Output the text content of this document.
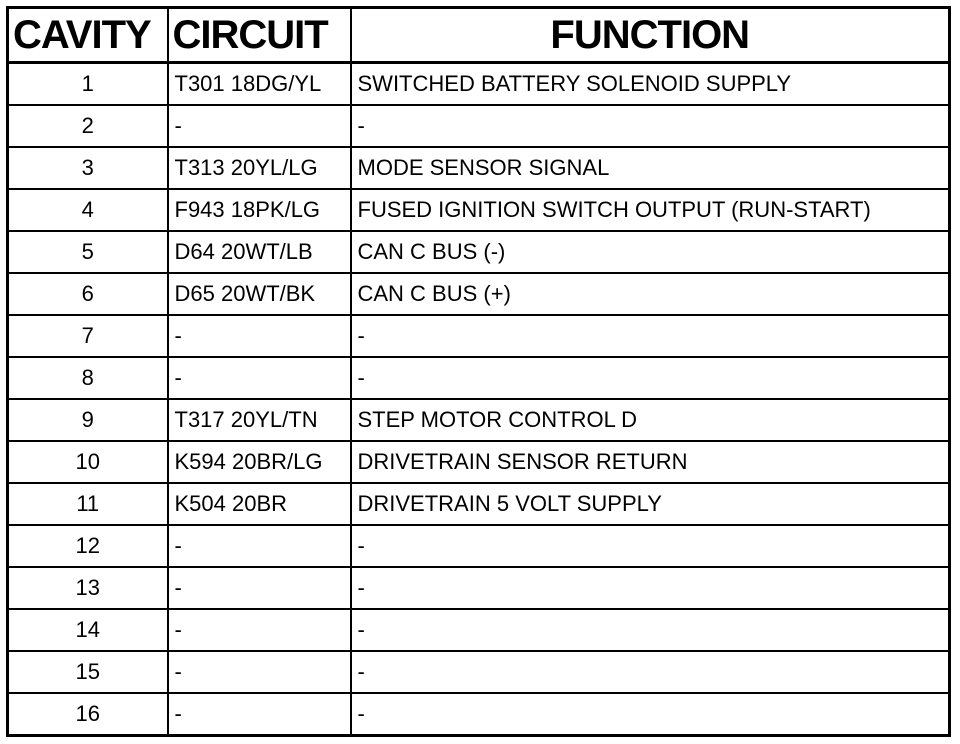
CAVITY	CIRCUIT	FUNCTION
1	T301 18DG/YL	SWITCHED BATTERY SOLENOID SUPPLY
2	-	-
3	T313 20YL/LG	MODE SENSOR SIGNAL
4	F943 18PK/LG	FUSED IGNITION SWITCH OUTPUT (RUN-START)
5	D64 20WT/LB	CAN C BUS (-)
6	D65 20WT/BK	CAN C BUS (+)
7	-	-
8	-	-
9	T317 20YL/TN	STEP MOTOR CONTROL D
10	K594 20BR/LG	DRIVETRAIN SENSOR RETURN
11	K504 20BR	DRIVETRAIN 5 VOLT SUPPLY
12	-	-
13	-	-
14	-	-
15	-	-
16	-	-
